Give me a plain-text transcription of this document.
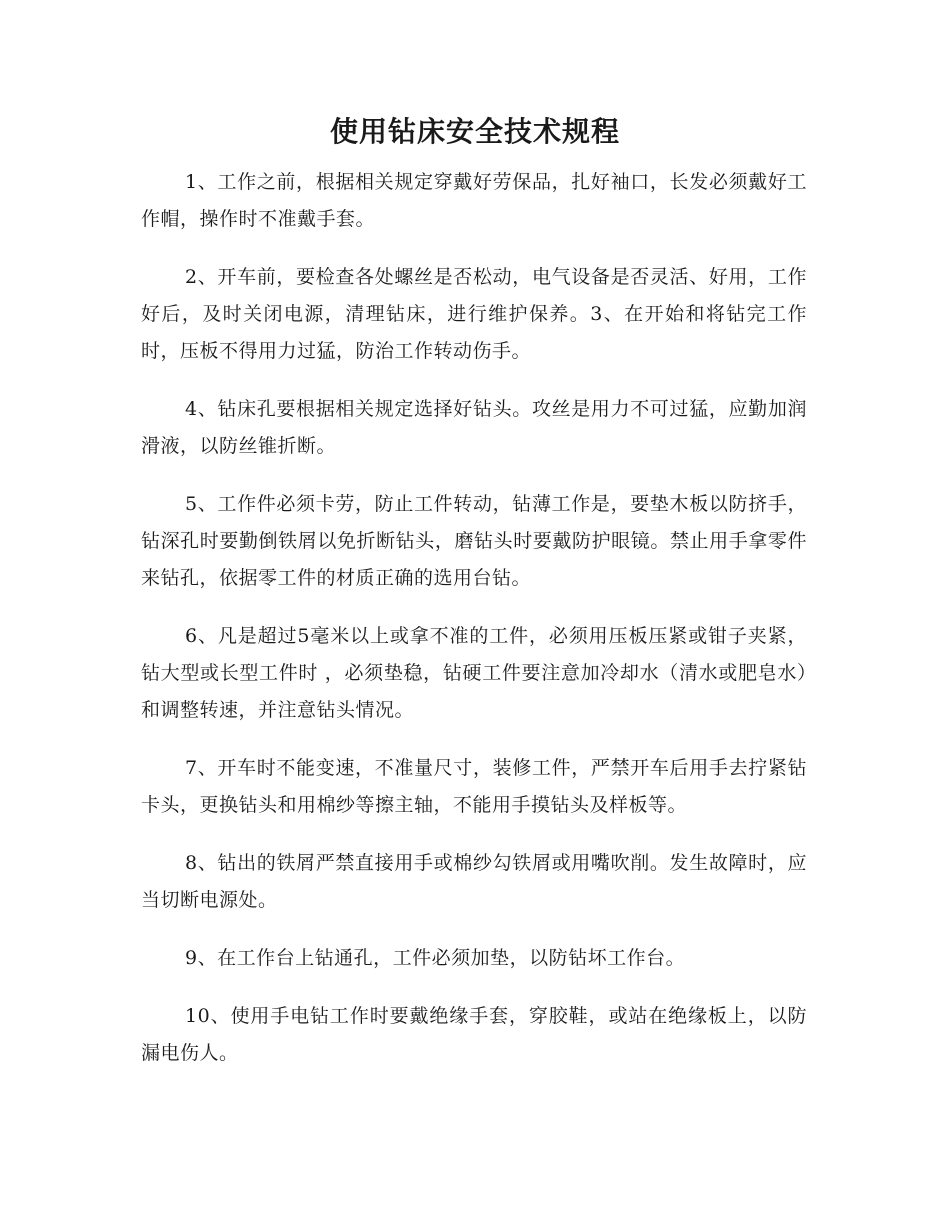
使用钻床安全技术规程

1、工作之前，根据相关规定穿戴好劳保品，扎好袖口，长发必须戴好工作帽，操作时不准戴手套。

2、开车前，要检查各处螺丝是否松动，电气设备是否灵活、好用，工作好后，及时关闭电源，清理钻床，进行维护保养。3、在开始和将钻完工作时，压板不得用力过猛，防治工作转动伤手。

4、钻床孔要根据相关规定选择好钻头。攻丝是用力不可过猛，应勤加润滑液，以防丝锥折断。

5、工作件必须卡劳，防止工件转动，钻薄工作是，要垫木板以防挤手，钻深孔时要勤倒铁屑以免折断钻头，磨钻头时要戴防护眼镜。禁止用手拿零件来钻孔，依据零工件的材质正确的选用台钻。

6、凡是超过5毫米以上或拿不准的工件，必须用压板压紧或钳子夹紧，钻大型或长型工件时 ，必须垫稳，钻硬工件要注意加冷却水（清水或肥皂水）和调整转速，并注意钻头情况。

7、开车时不能变速，不准量尺寸，装修工件，严禁开车后用手去拧紧钻卡头，更换钻头和用棉纱等擦主轴，不能用手摸钻头及样板等。

8、钻出的铁屑严禁直接用手或棉纱勾铁屑或用嘴吹削。发生故障时，应当切断电源处。

9、在工作台上钻通孔，工件必须加垫，以防钻坏工作台。

10、使用手电钻工作时要戴绝缘手套，穿胶鞋，或站在绝缘板上，以防漏电伤人。
